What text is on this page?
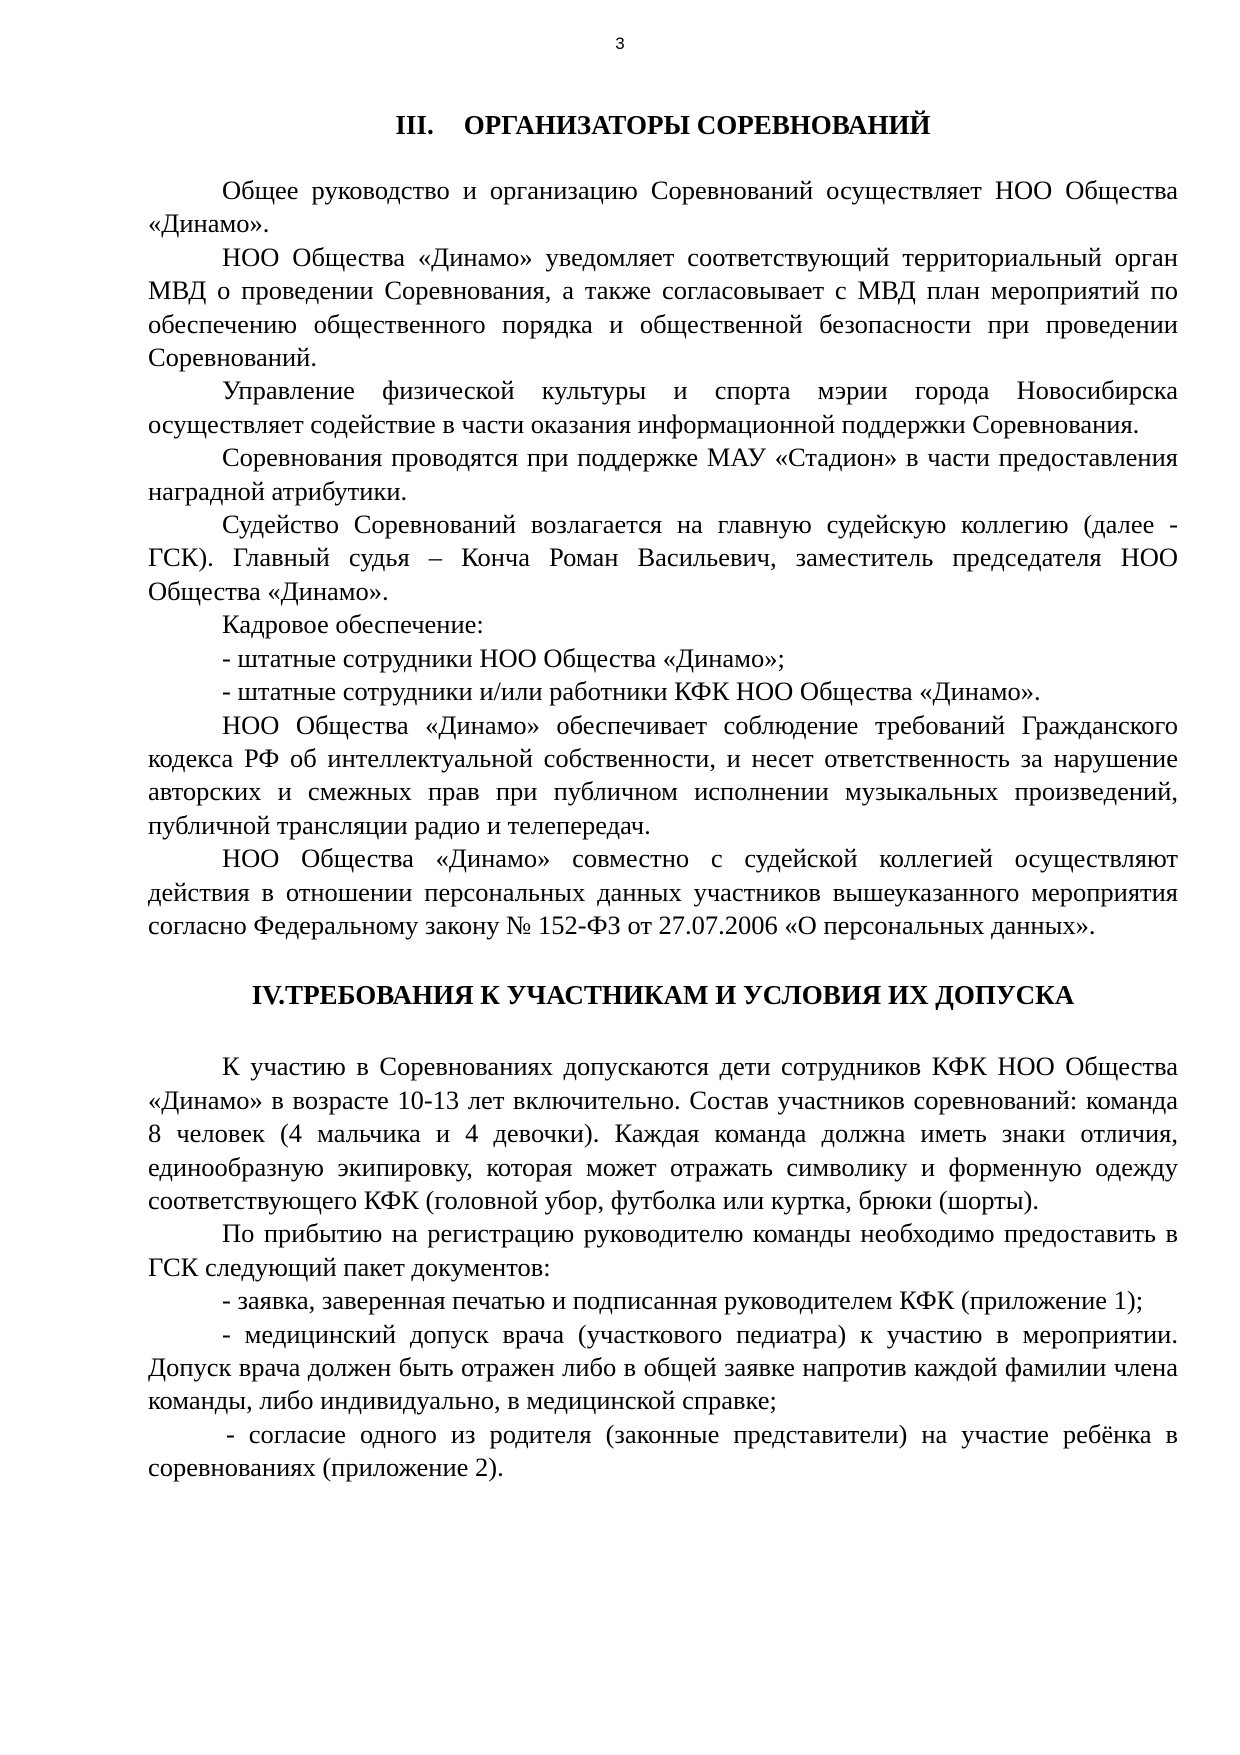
3
III. ОРГАНИЗАТОРЫ СОРЕВНОВАНИЙ

Общее руководство и организацию Соревнований осуществляет НОО Общества «Динамо».

НОО Общества «Динамо» уведомляет соответствующий территориальный орган МВД о проведении Соревнования, а также согласовывает с МВД план мероприятий по обеспечению общественного порядка и общественной безопасности при проведении Соревнований.

Управление физической культуры и спорта мэрии города Новосибирска осуществляет содействие в части оказания информационной поддержки Соревнования.

Соревнования проводятся при поддержке МАУ «Стадион» в части предоставления наградной атрибутики.

Судейство Соревнований возлагается на главную судейскую коллегию (далее - ГСК). Главный судья – Конча Роман Васильевич, заместитель председателя НОО Общества «Динамо».

Кадровое обеспечение:

- штатные сотрудники НОО Общества «Динамо»;

- штатные сотрудники и/или работники КФК НОО Общества «Динамо».

НОО Общества «Динамо» обеспечивает соблюдение требований Гражданского кодекса РФ об интеллектуальной собственности, и несет ответственность за нарушение авторских и смежных прав при публичном исполнении музыкальных произведений, публичной трансляции радио и телепередач.

НОО Общества «Динамо» совместно с судейской коллегией осуществляют действия в отношении персональных данных участников вышеуказанного мероприятия согласно Федеральному закону № 152-ФЗ от 27.07.2006 «О персональных данных».

IV.ТРЕБОВАНИЯ К УЧАСТНИКАМ И УСЛОВИЯ ИХ ДОПУСКА

К участию в Соревнованиях допускаются дети сотрудников КФК НОО Общества «Динамо» в возрасте 10-13 лет включительно. Состав участников соревнований: команда 8 человек (4 мальчика и 4 девочки). Каждая команда должна иметь знаки отличия, единообразную экипировку, которая может отражать символику и форменную одежду соответствующего КФК (головной убор, футболка или куртка, брюки (шорты).

По прибытию на регистрацию руководителю команды необходимо предоставить в ГСК следующий пакет документов:

- заявка, заверенная печатью и подписанная руководителем КФК (приложение 1);

- медицинский допуск врача (участкового педиатра) к участию в мероприятии. Допуск врача должен быть отражен либо в общей заявке напротив каждой фамилии члена команды, либо индивидуально, в медицинской справке;

- согласие одного из родителя (законные представители) на участие ребёнка в соревнованиях (приложение 2).
